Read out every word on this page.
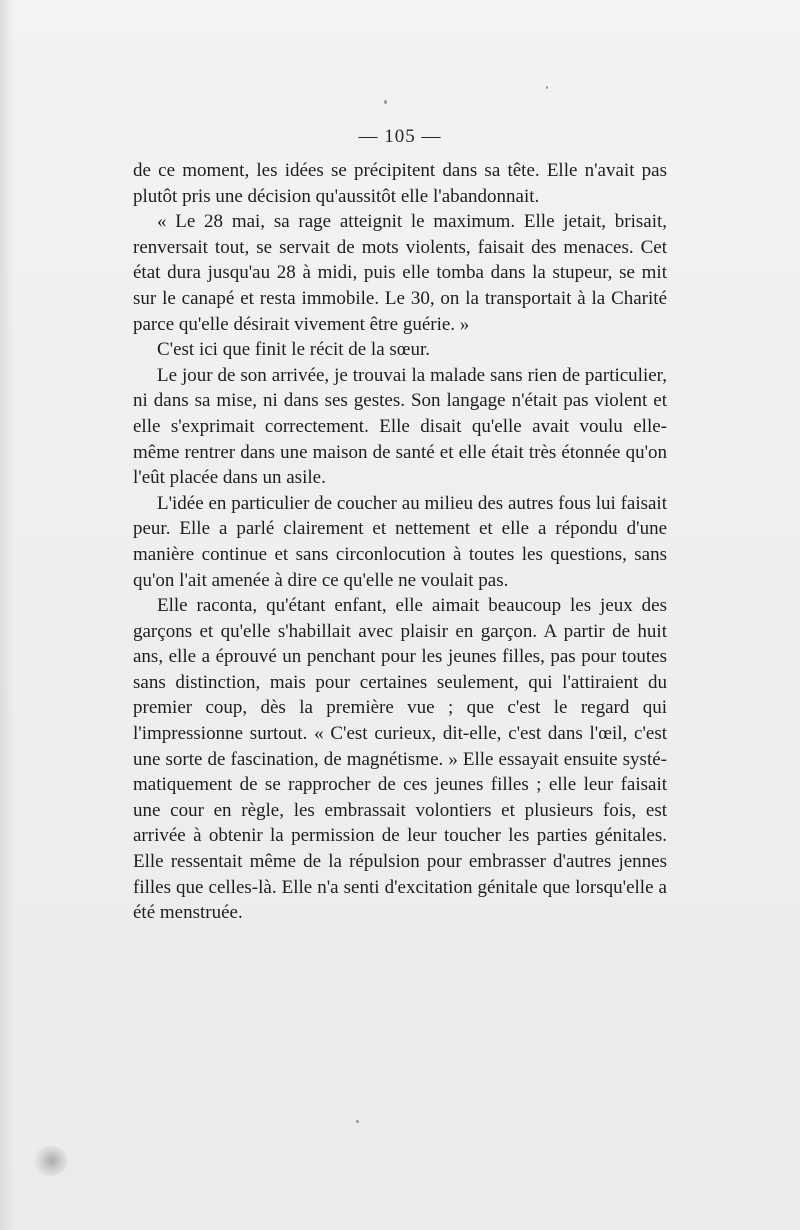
— 105 —

de ce moment, les idées se précipitent dans sa tête. Elle n'avait pas plutôt pris une décision qu'aussitôt elle l'abandonnait.

« Le 28 mai, sa rage atteignit le maximum. Elle jetait, brisait, renversait tout, se servait de mots violents, faisait des menaces. Cet état dura jusqu'au 28 à midi, puis elle tomba dans la stupeur, se mit sur le canapé et resta immobile. Le 30, on la transportait à la Charité parce qu'elle désirait vivement être guérie. »

C'est ici que finit le récit de la sœur.

Le jour de son arrivée, je trouvai la malade sans rien de particulier, ni dans sa mise, ni dans ses gestes. Son langage n'était pas violent et elle s'exprimait correctement. Elle disait qu'elle avait voulu elle-même rentrer dans une maison de santé et elle était très étonnée qu'on l'eût placée dans un asile.

L'idée en particulier de coucher au milieu des autres fous lui faisait peur. Elle a parlé clairement et nettement et elle a répondu d'une manière continue et sans circonlocution à toutes les questions, sans qu'on l'ait amenée à dire ce qu'elle ne voulait pas.

Elle raconta, qu'étant enfant, elle aimait beaucoup les jeux des garçons et qu'elle s'habillait avec plaisir en garçon. A partir de huit ans, elle a éprouvé un penchant pour les jeunes filles, pas pour toutes sans distinction, mais pour certaines seulement, qui l'attiraient du premier coup, dès la première vue ; que c'est le regard qui l'impressionne surtout. « C'est curieux, dit-elle, c'est dans l'œil, c'est une sorte de fascination, de magnétisme. » Elle essayait ensuite systématiquement de se rapprocher de ces jeunes filles ; elle leur faisait une cour en règle, les embrassait volontiers et plusieurs fois, est arrivée à obtenir la permission de leur toucher les parties génitales. Elle ressentait même de la répulsion pour embrasser d'autres jennes filles que celles-là. Elle n'a senti d'excitation génitale que lorsqu'elle a été menstruée.
